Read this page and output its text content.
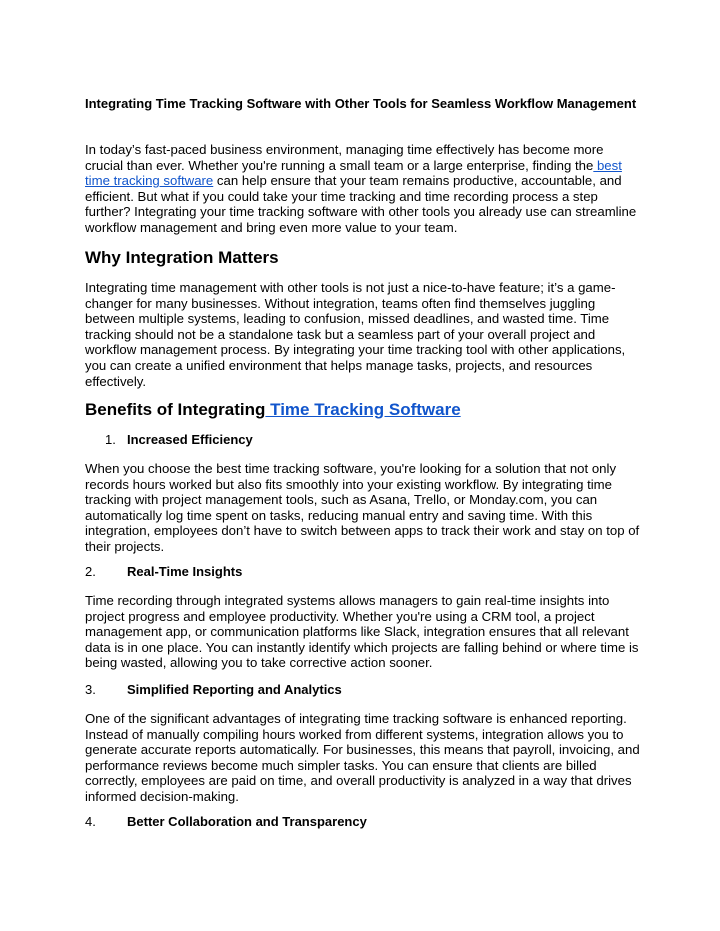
Integrating Time Tracking Software with Other Tools for Seamless Workflow Management

In today’s fast-paced business environment, managing time effectively has become more crucial than ever. Whether you're running a small team or a large enterprise, finding the best time tracking software can help ensure that your team remains productive, accountable, and efficient. But what if you could take your time tracking and time recording process a step further? Integrating your time tracking software with other tools you already use can streamline workflow management and bring even more value to your team.

Why Integration Matters

Integrating time management with other tools is not just a nice-to-have feature; it’s a game-changer for many businesses. Without integration, teams often find themselves juggling between multiple systems, leading to confusion, missed deadlines, and wasted time. Time tracking should not be a standalone task but a seamless part of your overall project and workflow management process. By integrating your time tracking tool with other applications, you can create a unified environment that helps manage tasks, projects, and resources effectively.

Benefits of Integrating Time Tracking Software

1. Increased Efficiency

When you choose the best time tracking software, you're looking for a solution that not only records hours worked but also fits smoothly into your existing workflow. By integrating time tracking with project management tools, such as Asana, Trello, or Monday.com, you can automatically log time spent on tasks, reducing manual entry and saving time. With this integration, employees don’t have to switch between apps to track their work and stay on top of their projects.

2. Real-Time Insights

Time recording through integrated systems allows managers to gain real-time insights into project progress and employee productivity. Whether you're using a CRM tool, a project management app, or communication platforms like Slack, integration ensures that all relevant data is in one place. You can instantly identify which projects are falling behind or where time is being wasted, allowing you to take corrective action sooner.

3. Simplified Reporting and Analytics

One of the significant advantages of integrating time tracking software is enhanced reporting. Instead of manually compiling hours worked from different systems, integration allows you to generate accurate reports automatically. For businesses, this means that payroll, invoicing, and performance reviews become much simpler tasks. You can ensure that clients are billed correctly, employees are paid on time, and overall productivity is analyzed in a way that drives informed decision-making.

4. Better Collaboration and Transparency
